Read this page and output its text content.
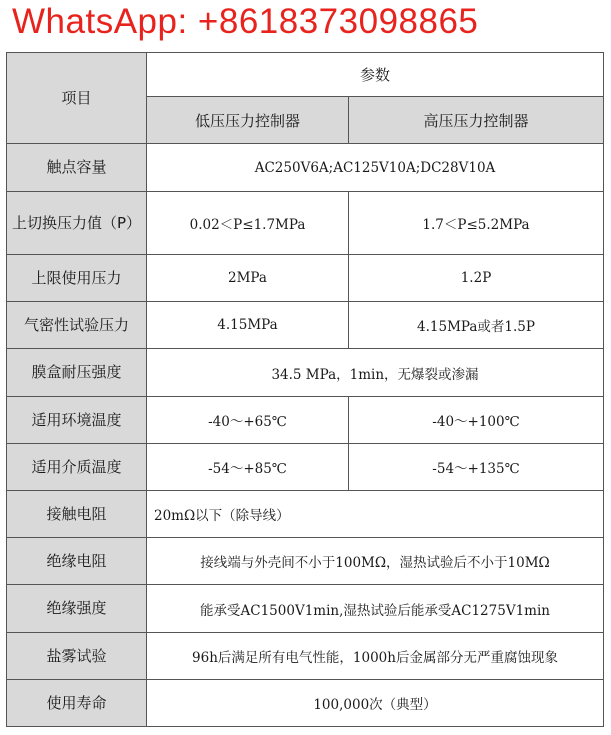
WhatsApp: +8618373098865
项目	参数	
	低压压力控制器	高压压力控制器
触点容量	AC250V6A;AC125V10A;DC28V10A	
上切换压力值（P）	0.02＜P≤1.7MPa	1.7＜P≤5.2MPa
上限使用压力	2MPa	1.2P
气密性试验压力	4.15MPa	4.15MPa或者1.5P
膜盒耐压强度	34.5 MPa，1min，无爆裂或渗漏	
适用环境温度	-40～+65℃	-40～+100℃
适用介质温度	-54～+85℃	-54～+135℃
接触电阻	20mΩ以下（除导线）	
绝缘电阻	接线端与外壳间不小于100MΩ，湿热试验后不小于10MΩ	
绝缘强度	能承受AC1500V1min,湿热试验后能承受AC1275V1min	
盐雾试验	96h后满足所有电气性能，1000h后金属部分无严重腐蚀现象	
使用寿命	100,000次（典型）	
